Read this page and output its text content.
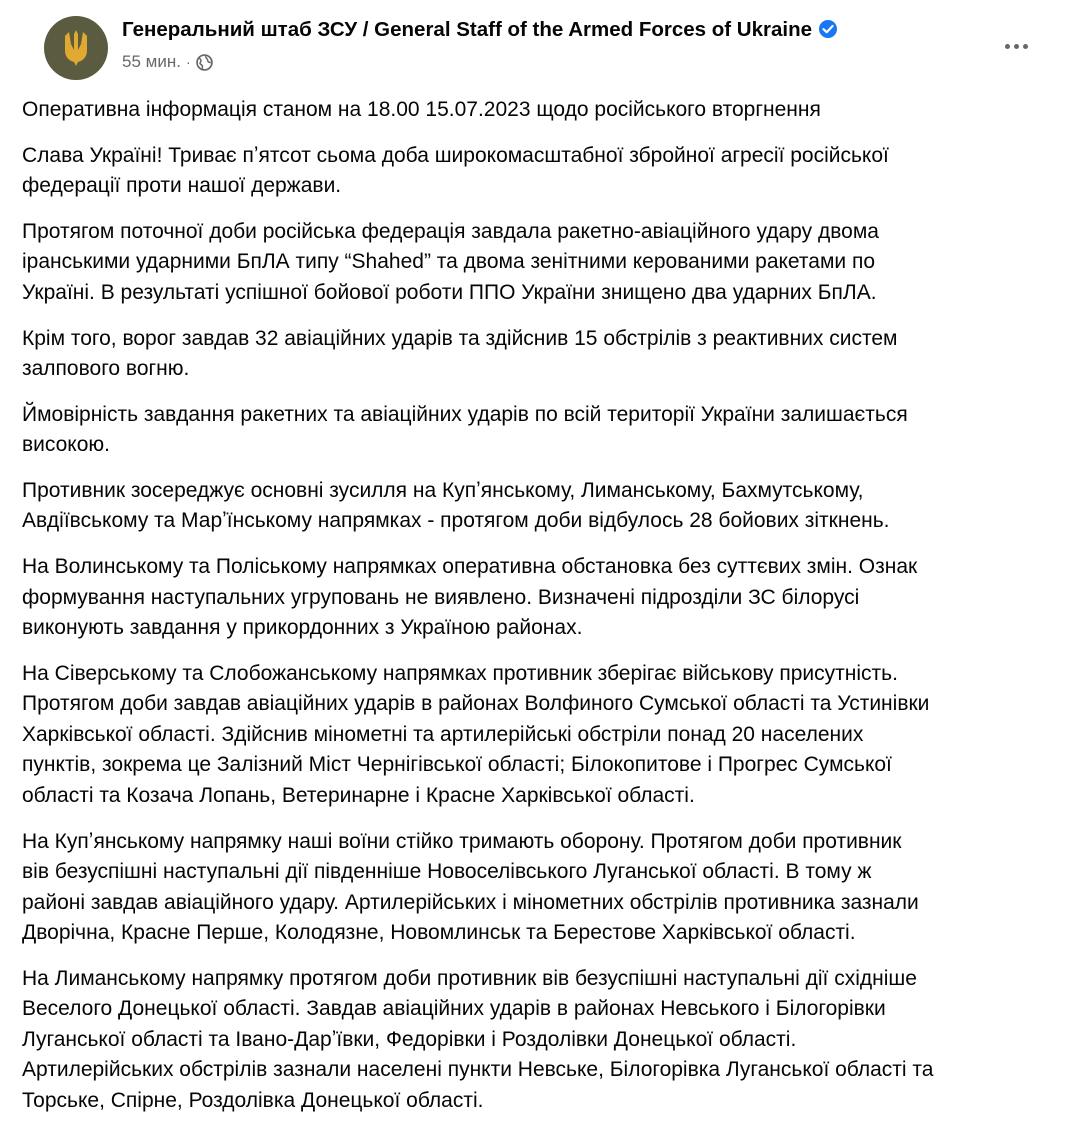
Генеральний штаб ЗСУ / General Staff of the Armed Forces of Ukraine
55 мин. ·
Оперативна інформація станом на 18.00 15.07.2023 щодо російського вторгнення
Слава Україні! Триває пʼятсот сьома доба широкомасштабної збройної агресії російської
федерації проти нашої держави.
Протягом поточної доби російська федерація завдала ракетно-авіаційного удару двома
іранськими ударними БпЛА типу “Shahed” та двома зенітними керованими ракетами по
Україні. В результаті успішної бойової роботи ППО України знищено два ударних БпЛА.
Крім того, ворог завдав 32 авіаційних ударів та здійснив 15 обстрілів з реактивних систем
залпового вогню.
Ймовірність завдання ракетних та авіаційних ударів по всій території України залишається
високою.
Противник зосереджує основні зусилля на Купʼянському, Лиманському, Бахмутському,
Авдіївському та Марʼїнському напрямках - протягом доби відбулось 28 бойових зіткнень.
На Волинському та Поліському напрямках оперативна обстановка без суттєвих змін. Ознак
формування наступальних угруповань не виявлено. Визначені підрозділи ЗС білорусі
виконують завдання у прикордонних з Україною районах.
На Сіверському та Слобожанському напрямках противник зберігає військову присутність.
Протягом доби завдав авіаційних ударів в районах Волфиного Сумської області та Устинівки
Харківської області. Здійснив мінометні та артилерійські обстріли понад 20 населених
пунктів, зокрема це Залізний Міст Чернігівської області; Білокопитове і Прогрес Сумської
області та Козача Лопань, Ветеринарне і Красне Харківської області.
На Купʼянському напрямку наші воїни стійко тримають оборону. Протягом доби противник
вів безуспішні наступальні дії південніше Новоселівського Луганської області. В тому ж
районі завдав авіаційного удару. Артилерійських і мінометних обстрілів противника зазнали
Дворічна, Красне Перше, Колодязне, Новомлинськ та Берестове Харківської області.
На Лиманському напрямку протягом доби противник вів безуспішні наступальні дії східніше
Веселого Донецької області. Завдав авіаційних ударів в районах Невського і Білогорівки
Луганської області та Івано-Дарʼївки, Федорівки і Роздолівки Донецької області.
Артилерійських обстрілів зазнали населені пункти Невське, Білогорівка Луганської області та
Торське, Спірне, Роздолівка Донецької області.
